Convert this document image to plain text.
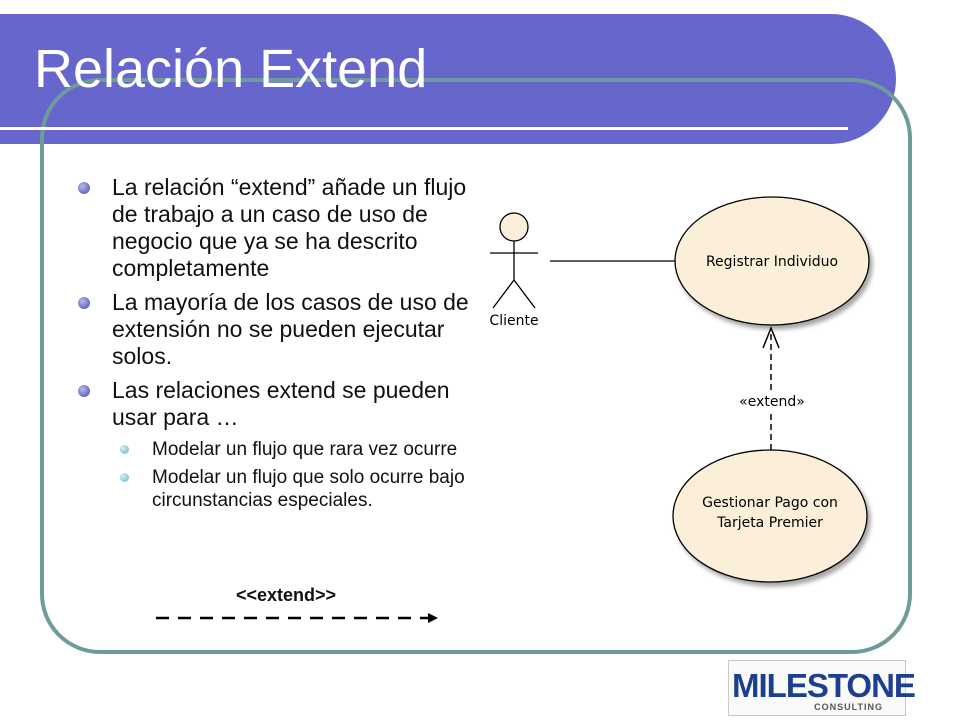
Relación Extend
La relación “extend” añade un flujo de trabajo a un caso de uso de negocio que ya se ha descrito completamente
La mayoría de los casos de uso de extensión no se pueden ejecutar solos.
Las relaciones extend se pueden usar para …
Modelar un flujo que rara vez ocurre
Modelar un flujo que solo ocurre bajo circunstancias especiales.
<<extend>>
Cliente
Registrar Individuo
Gestionar Pago con
Tarjeta Premier
«extend»
MILESTONE
CONSULTING
